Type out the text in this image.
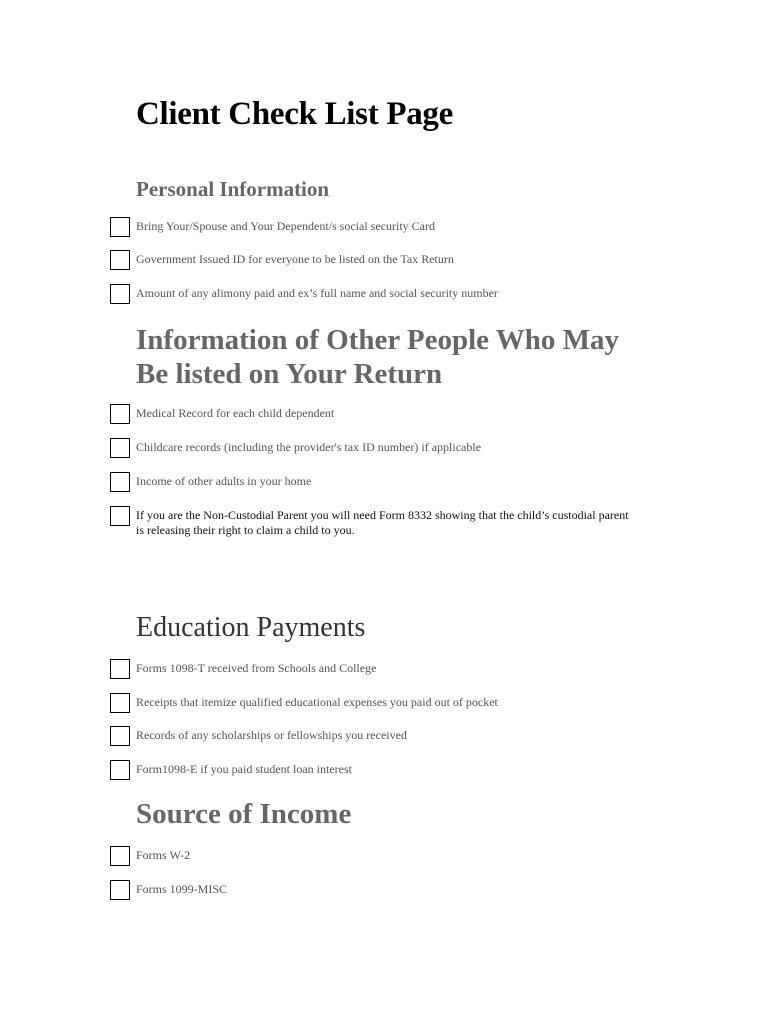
Client Check List Page
Personal Information
Bring Your/Spouse and Your Dependent/s social security Card
Government Issued ID for everyone to be listed on the Tax Return
Amount of any alimony paid and ex’s full name and social security number
Information of Other People Who May
Be listed on Your Return
Medical Record for each child dependent
Childcare records (including the provider's tax ID number) if applicable
Income of other adults in your home
If you are the Non-Custodial Parent you will need Form 8332 showing that the child’s custodial parent is releasing their right to claim a child to you.
Education Payments
Forms 1098-T received from Schools and College
Receipts that itemize qualified educational expenses you paid out of pocket
Records of any scholarships or fellowships you received
Form1098-E if you paid student loan interest
Source of Income
Forms W-2
Forms 1099-MISC
